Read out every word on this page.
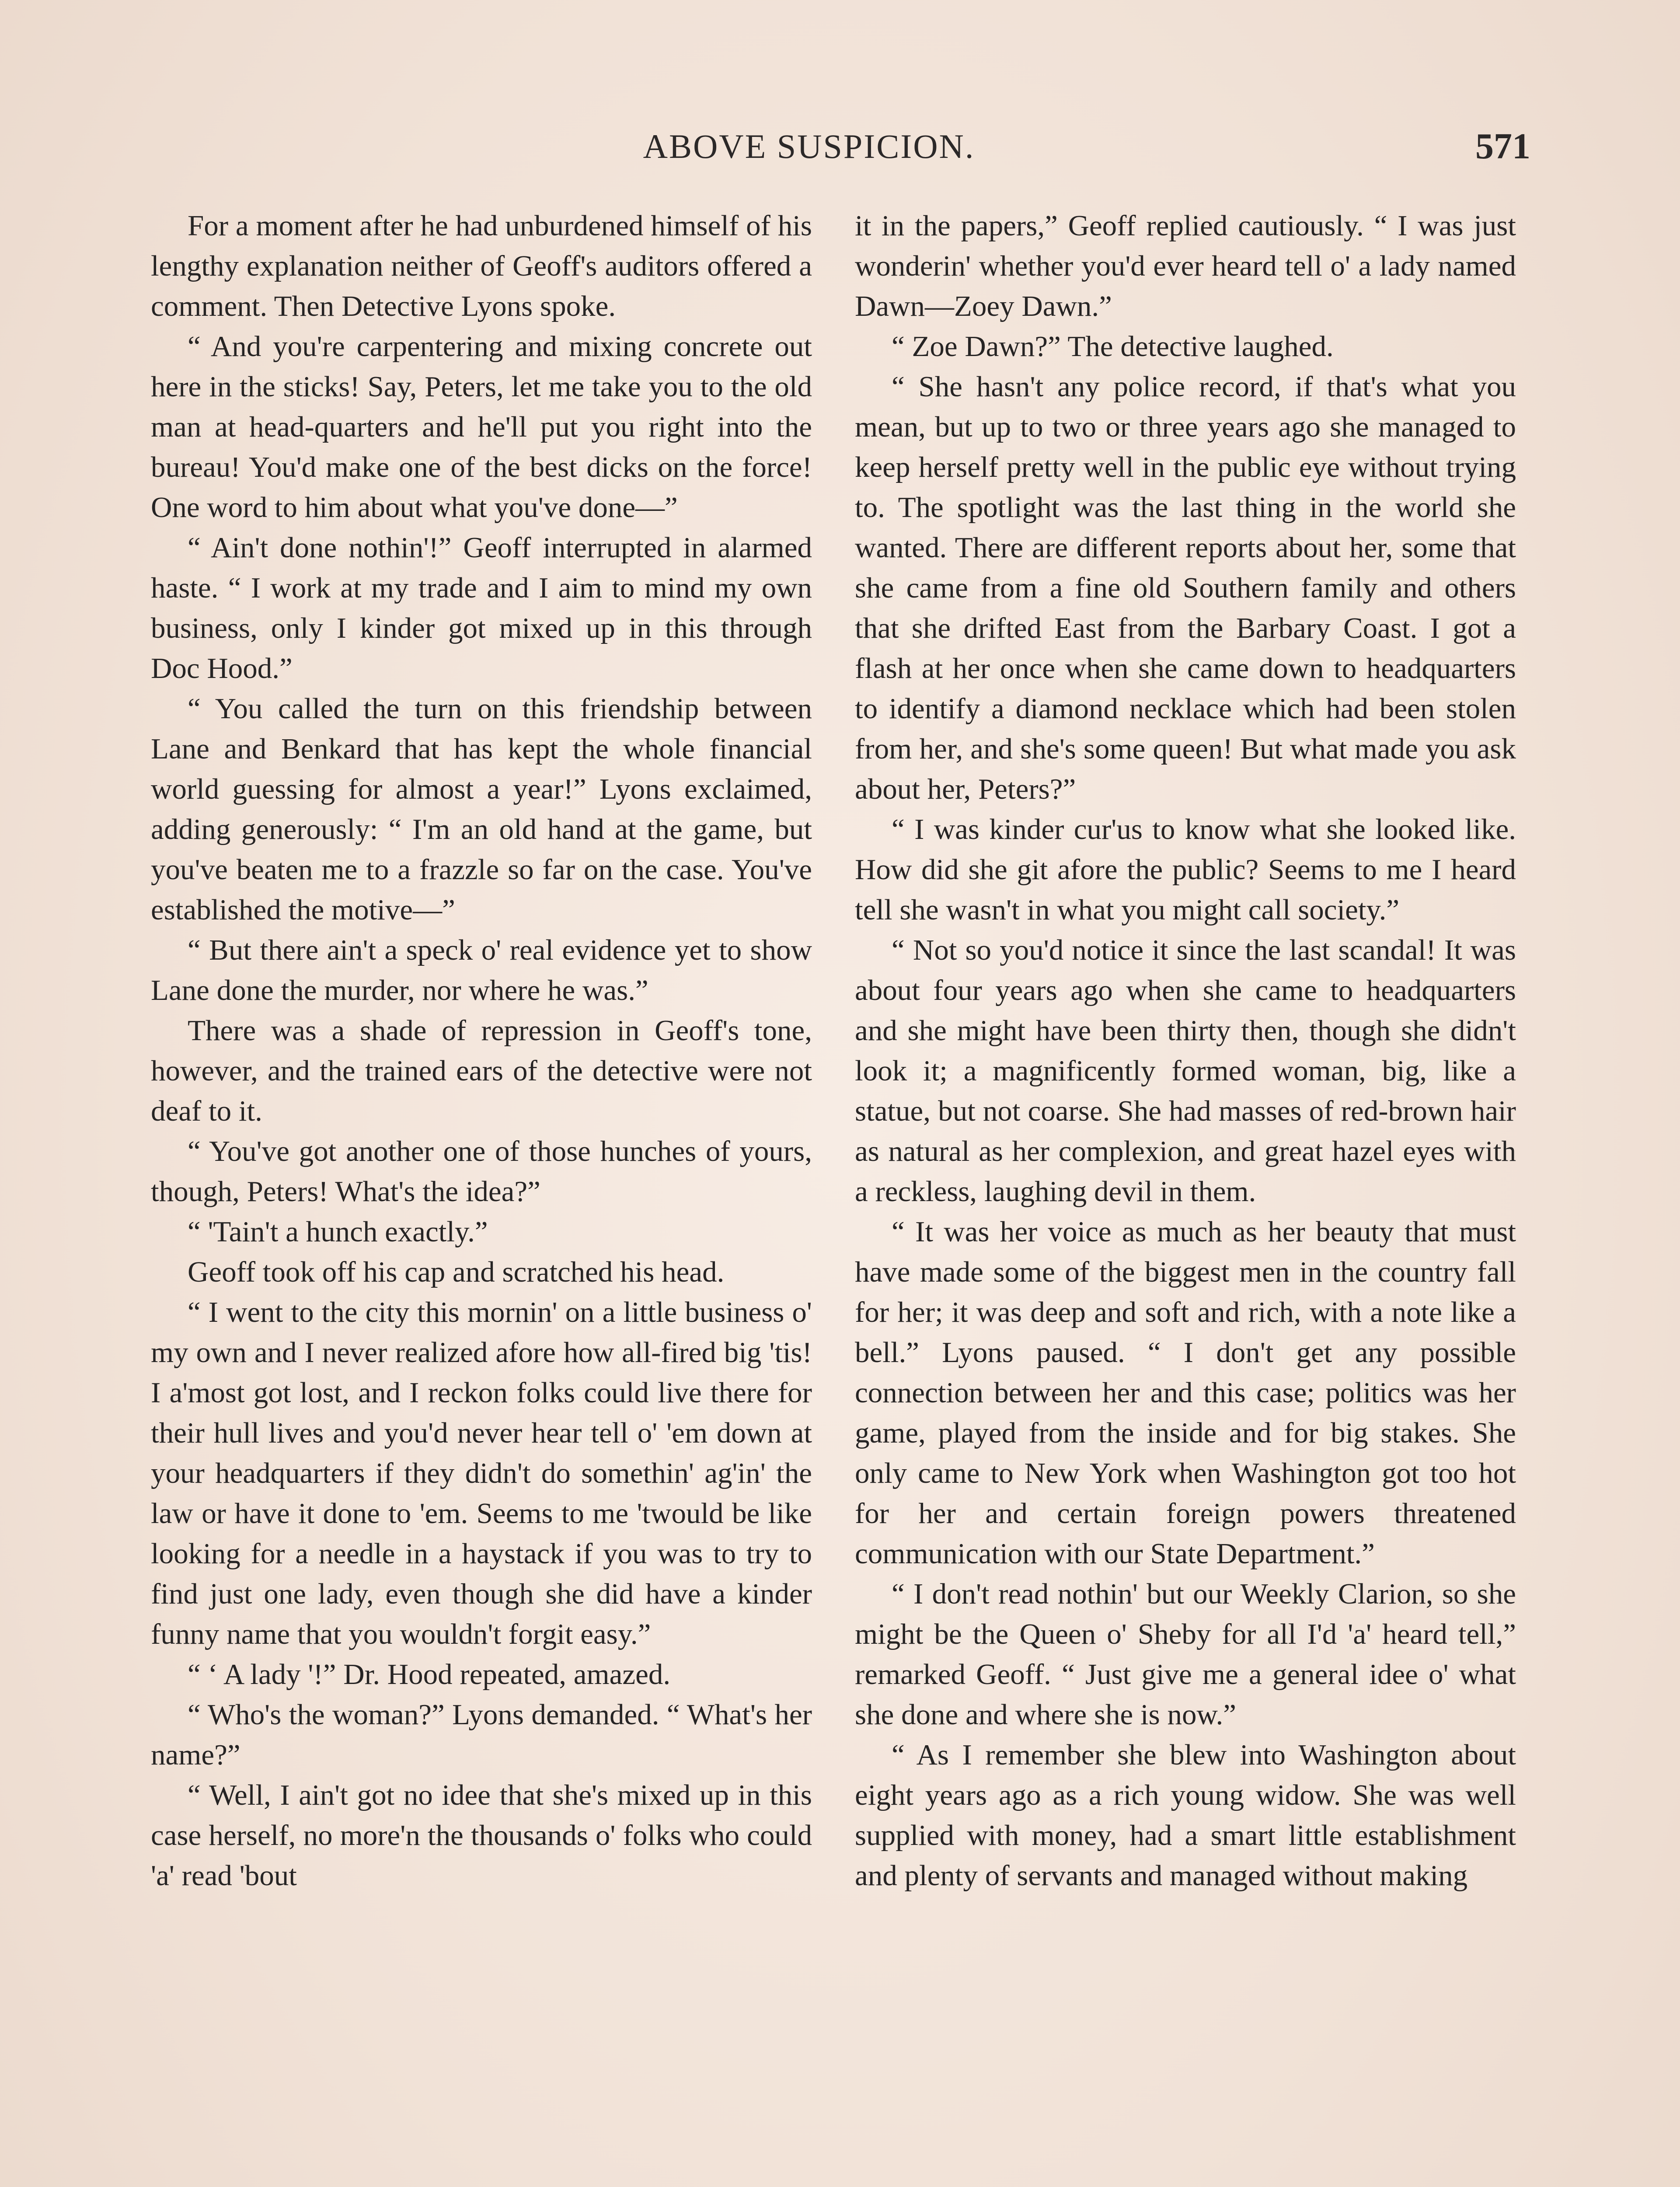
ABOVE SUSPICION.	571

For a moment after he had unburdened himself of his lengthy explanation neither of Geoff's auditors offered a comment. Then Detective Lyons spoke.

“ And you're carpentering and mixing concrete out here in the sticks! Say, Peters, let me take you to the old man at head-quarters and he'll put you right into the bureau! You'd make one of the best dicks on the force! One word to him about what you've done—”

“ Ain't done nothin'!” Geoff interrupted in alarmed haste. “ I work at my trade and I aim to mind my own business, only I kinder got mixed up in this through Doc Hood.”

“ You called the turn on this friendship between Lane and Benkard that has kept the whole financial world guessing for almost a year!” Lyons exclaimed, adding generously: “ I'm an old hand at the game, but you've beaten me to a frazzle so far on the case. You've established the motive—”

“ But there ain't a speck o' real evidence yet to show Lane done the murder, nor where he was.”

There was a shade of repression in Geoff's tone, however, and the trained ears of the detective were not deaf to it.

“ You've got another one of those hunches of yours, though, Peters! What's the idea?”

“ 'Tain't a hunch exactly.”

Geoff took off his cap and scratched his head.

“ I went to the city this mornin' on a little business o' my own and I never realized afore how all-fired big 'tis! I a'most got lost, and I reckon folks could live there for their hull lives and you'd never hear tell o' 'em down at your headquarters if they didn't do somethin' ag'in' the law or have it done to 'em. Seems to me 'twould be like looking for a needle in a haystack if you was to try to find just one lady, even though she did have a kinder funny name that you wouldn't forgit easy.”

“ ‘ A lady '!” Dr. Hood repeated, amazed.

“ Who's the woman?” Lyons demanded. “ What's her name?”

“ Well, I ain't got no idee that she's mixed up in this case herself, no more'n the thousands o' folks who could 'a' read 'bout

it in the papers,” Geoff replied cautiously. “ I was just wonderin' whether you'd ever heard tell o' a lady named Dawn—Zoey Dawn.”

“ Zoe Dawn?” The detective laughed.

“ She hasn't any police record, if that's what you mean, but up to two or three years ago she managed to keep herself pretty well in the public eye without trying to. The spotlight was the last thing in the world she wanted. There are different reports about her, some that she came from a fine old Southern family and others that she drifted East from the Barbary Coast. I got a flash at her once when she came down to headquarters to identify a diamond necklace which had been stolen from her, and she's some queen! But what made you ask about her, Peters?”

“ I was kinder cur'us to know what she looked like. How did she git afore the public? Seems to me I heard tell she wasn't in what you might call society.”

“ Not so you'd notice it since the last scandal! It was about four years ago when she came to headquarters and she might have been thirty then, though she didn't look it; a magnificently formed woman, big, like a statue, but not coarse. She had masses of red-brown hair as natural as her complexion, and great hazel eyes with a reckless, laughing devil in them.

“ It was her voice as much as her beauty that must have made some of the biggest men in the country fall for her; it was deep and soft and rich, with a note like a bell.” Lyons paused. “ I don't get any possible connection between her and this case; politics was her game, played from the inside and for big stakes. She only came to New York when Washington got too hot for her and certain foreign powers threatened communication with our State Department.”

“ I don't read nothin' but our Weekly Clarion, so she might be the Queen o' Sheby for all I'd 'a' heard tell,” remarked Geoff. “ Just give me a general idee o' what she done and where she is now.”

“ As I remember she blew into Washington about eight years ago as a rich young widow. She was well supplied with money, had a smart little establishment and plenty of servants and managed without making
